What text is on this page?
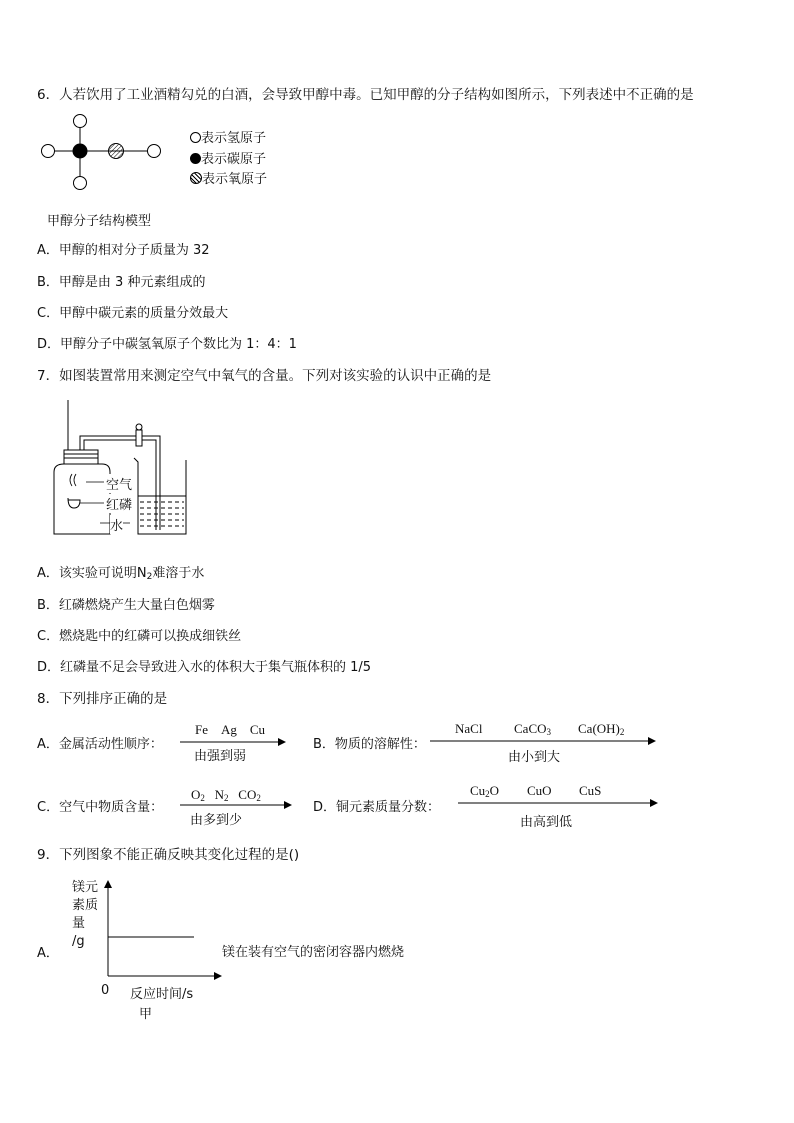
6．人若饮用了工业酒精勾兑的白酒，会导致甲醇中毒。已知甲醇的分子结构如图所示，下列表述中不正确的是
表示氢原子
表示碳原子
表示氧原子
甲醇分子结构模型
A．甲醇的相对分子质量为 32
B．甲醇是由 3 种元素组成的
C．甲醇中碳元素的质量分效最大
D．甲醇分子中碳氢氧原子个数比为 1：4：1
7．如图装置常用来测定空气中氧气的含量。下列对该实验的认识中正确的是
空气
红磷
水
A．该实验可说明$N_2$难溶于水
B．红磷燃烧产生大量白色烟雾
C．燃烧匙中的红磷可以换成细铁丝
D．红磷量不足会导致进入水的体积大于集气瓶体积的 1/5
8．下列排序正确的是
A．金属活动性顺序：
Fe Ag Cu
由强到弱
B．物质的溶解性：
NaCl CaCO$_3$ $Ca(OH)_2$
由小到大
C．空气中物质含量：
$O_2$ $N_2$ $CO_2$
由多到少
D．铜元素质量分数：
$Cu_2O$ CuO CuS
由高到低
9．下列图象不能正确反映其变化过程的是()
镁元
素质
量
/g
A．
0 反应时间/s
甲
镁在装有空气的密闭容器内燃烧
